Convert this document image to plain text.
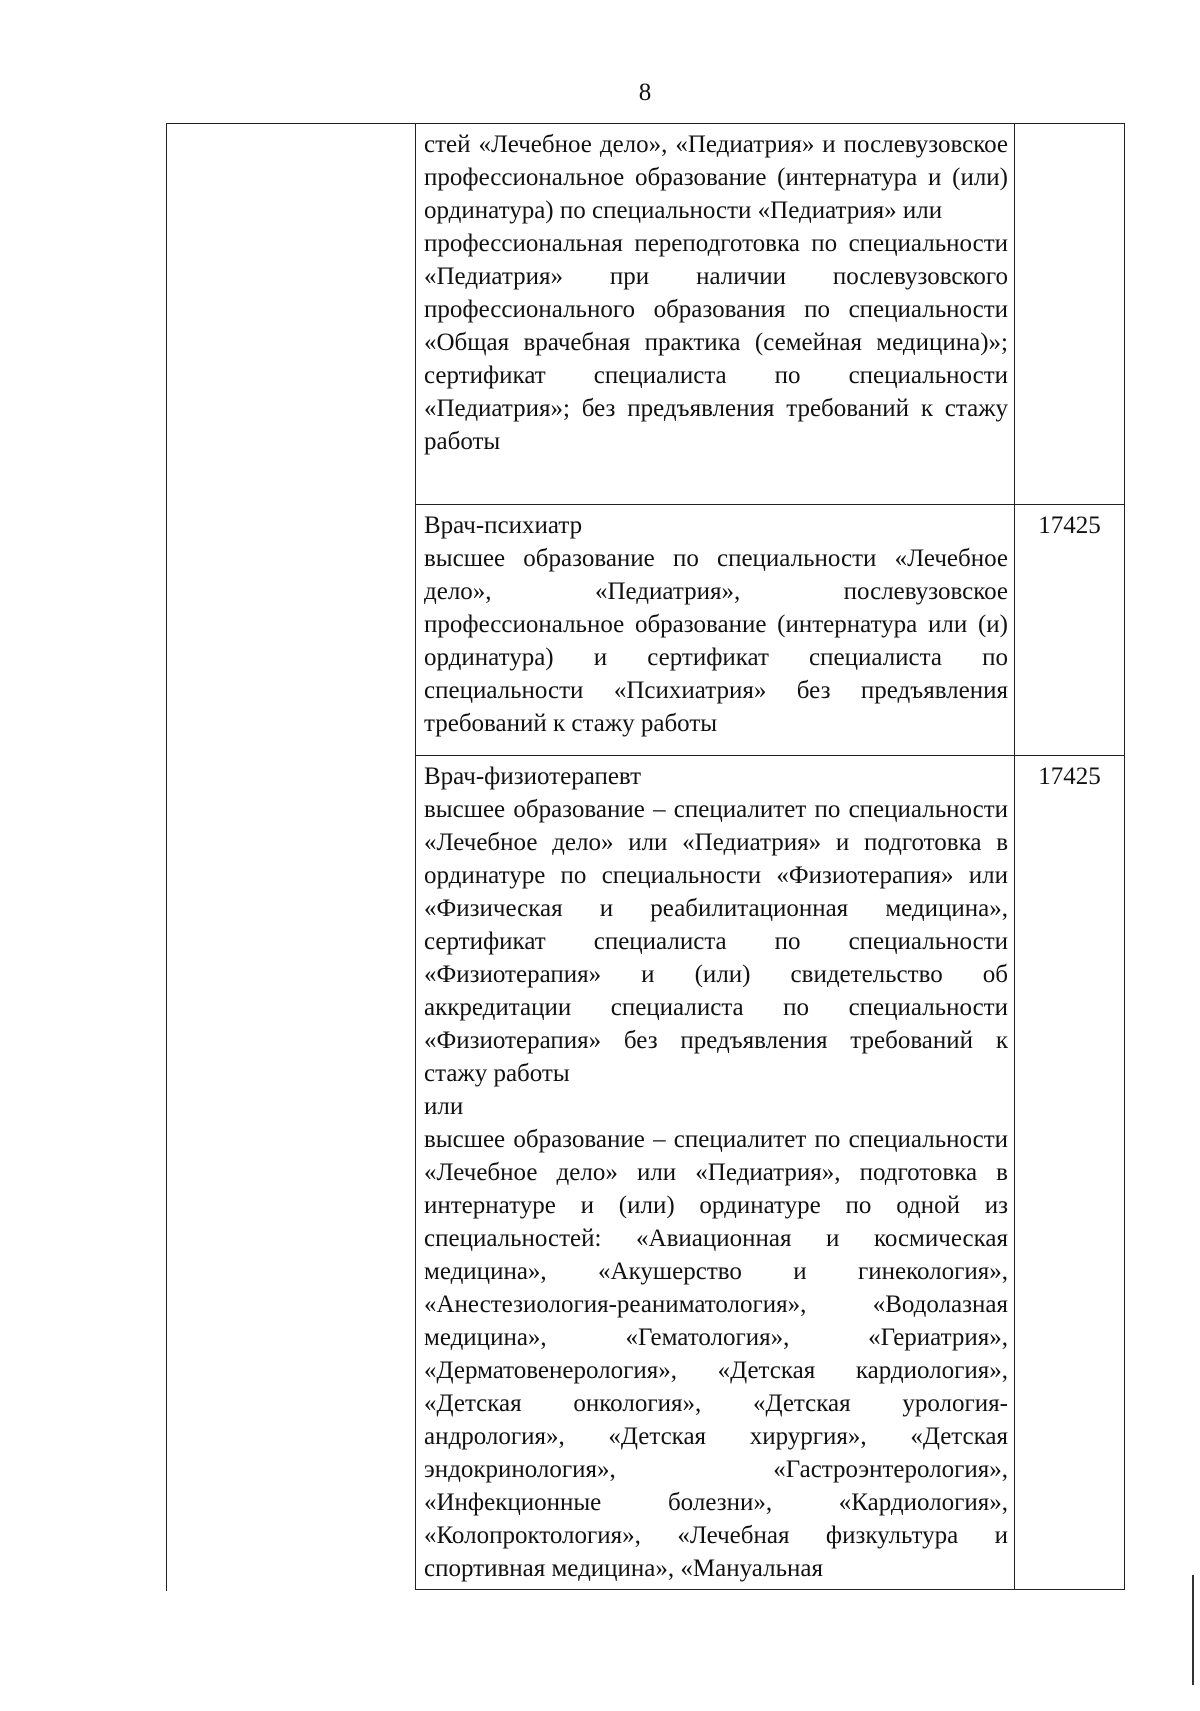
8

стей «Лечебное дело», «Педиатрия» и послевузовское профессиональное образование (интернатура и (или) ординатура) по специальности «Педиатрия» или

профессиональная переподготовка по специальности «Педиатрия» при наличии послевузовского профессионального образования по специальности «Общая врачебная практика (семейная медицина)»; сертификат специалиста по специальности «Педиатрия»; без предъявления требований к стажу работы	

Врач-психиатр

высшее образование по специальности «Лечебное дело», «Педиатрия», послевузовское профессиональное образование (интернатура или (и) ординатура) и сертификат специалиста по специальности «Психиатрия» без предъявления требований к стажу работы	17425

Врач-физиотерапевт

высшее образование – специалитет по специальности «Лечебное дело» или «Педиатрия» и подготовка в ординатуре по специальности «Физиотерапия» или «Физическая и реабилитационная медицина», сертификат специалиста по специальности «Физиотерапия» и (или) свидетельство об аккредитации специалиста по специальности «Физиотерапия» без предъявления требований к стажу работы

или

высшее образование – специалитет по специальности «Лечебное дело» или «Педиатрия», подготовка в интернатуре и (или) ординатуре по одной из специальностей: «Авиационная и космическая медицина», «Акушерство и гинекология», «Анестезиология-реаниматология», «Водолазная медицина», «Гематология», «Гериатрия», «Дерматовенерология», «Детская кардиология», «Детская онкология», «Детская урология-андрология», «Детская хирургия», «Детская эндокринология», «Гастроэнтерология», «Инфекционные болезни», «Кардиология», «Колопроктология», «Лечебная физкультура и спортивная медицина», «Мануальная	17425
